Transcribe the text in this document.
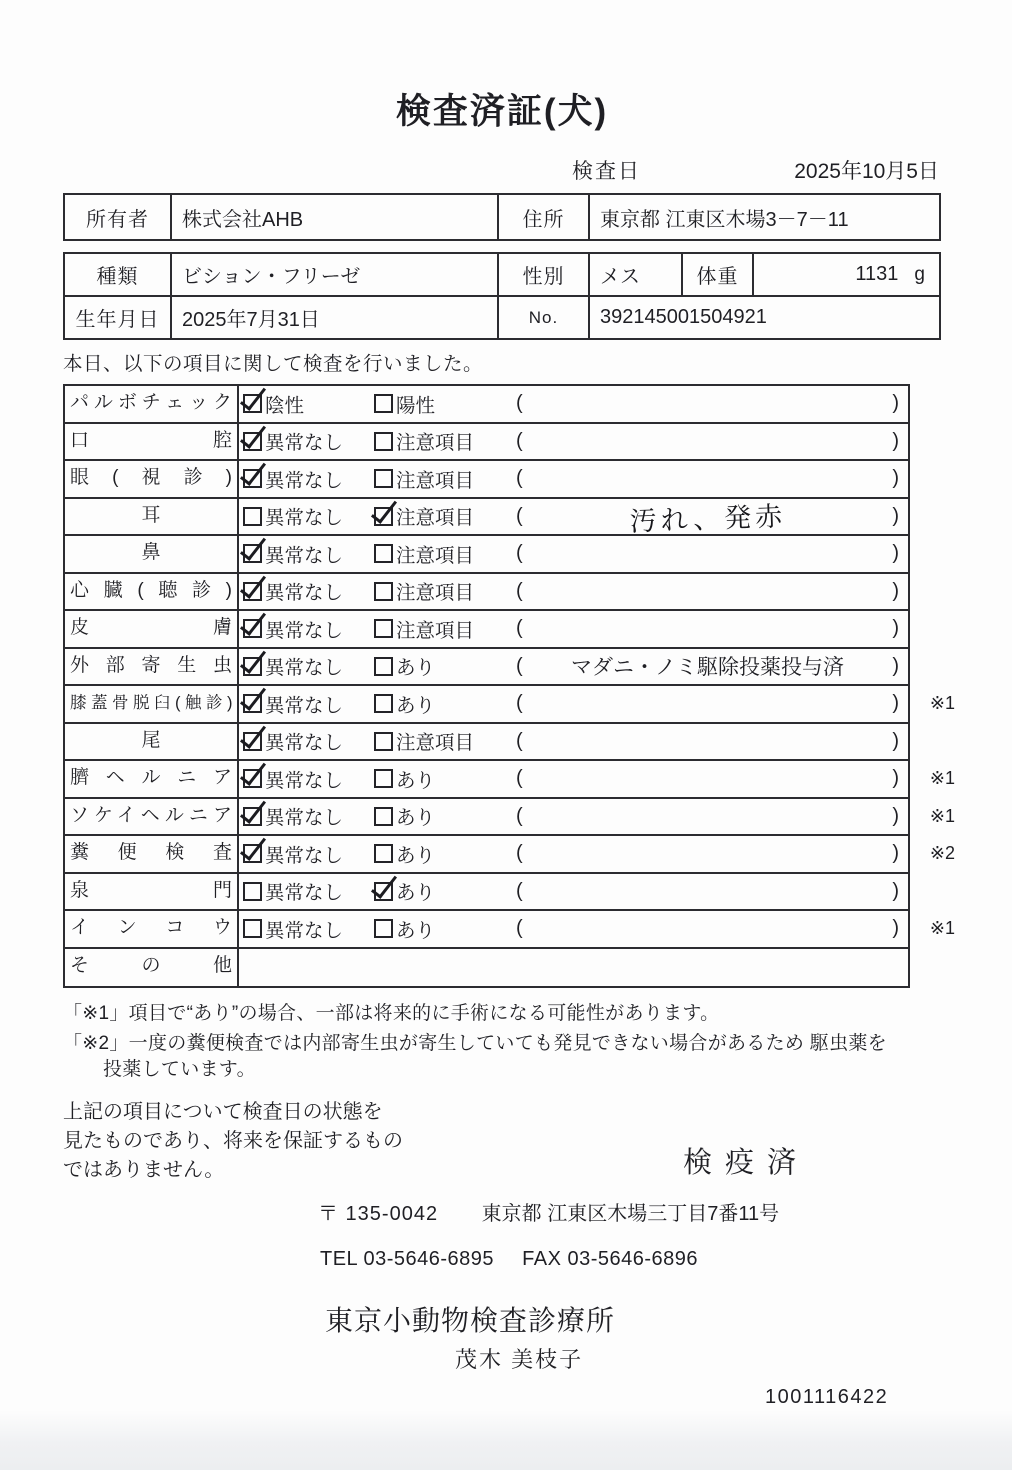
検査済証(犬)
検査日	2025年10月5日
所有者	株式会社AHB	住所	東京都 江東区木場3－7－11
種類	ビション・フリーゼ	性別	メス	体重	1131 g
生年月日	2025年7月31日	No.	392145001504921
本日、以下の項目に関して検査を行いました。
パルボチェック	陰性	陽性	(	)
口腔	異常なし	注意項目 (	)
眼(視診)	異常なし	注意項目 (	)
耳	異常なし	注意項目 (	汚れ、発赤	)
鼻	異常なし	注意項目 (	)
心臓(聴診)	異常なし	注意項目 (	)
皮膚	異常なし	注意項目 (	)
外部寄生虫	異常なし	あり	(	マダニ・ノミ駆除投薬投与済	)
膝蓋骨脱臼(触診)	異常なし	あり	(	) ※1
尾	異常なし	注意項目 (	)
臍ヘルニア	異常なし	あり	(	) ※1
ソケイヘルニア	異常なし	あり	(	) ※1
糞便検査	異常なし	あり	(	) ※2
泉門	異常なし	あり	(	)
インコウ	異常なし	あり	(	) ※1
その他
「※1」項目で“あり”の場合、一部は将来的に手術になる可能性があります。
「※2」一度の糞便検査では内部寄生虫が寄生していても発見できない場合があるため 駆虫薬を投薬しています。
上記の項目について検査日の状態を
見たものであり、将来を保証するもの
ではありません。	検疫済
〒 135-0042 東京都 江東区木場三丁目7番11号
TEL 03-5646-6895 FAX 03-5646-6896
東京小動物検査診療所
茂木 美枝子
1001116422
